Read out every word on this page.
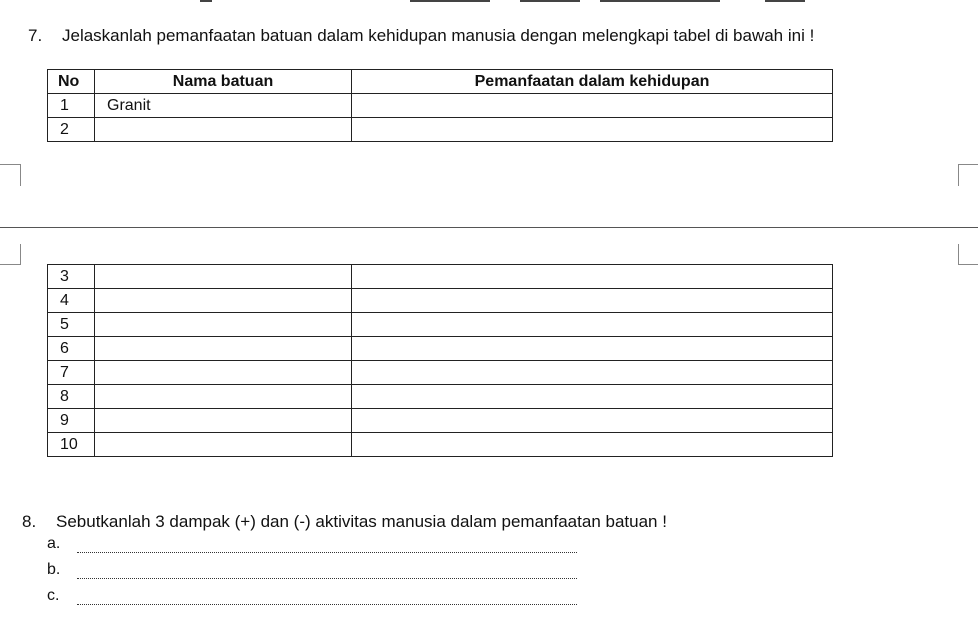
7. Jelaskanlah pemanfaatan batuan dalam kehidupan manusia dengan melengkapi tabel di bawah ini !
No	Nama batuan	Pemanfaatan dalam kehidupan
1	Granit	
2		
3		
4		
5		
6		
7		
8		
9		
10		
8. Sebutkanlah 3 dampak (+) dan (-) aktivitas manusia dalam pemanfaatan batuan !
a.
b.
c.
